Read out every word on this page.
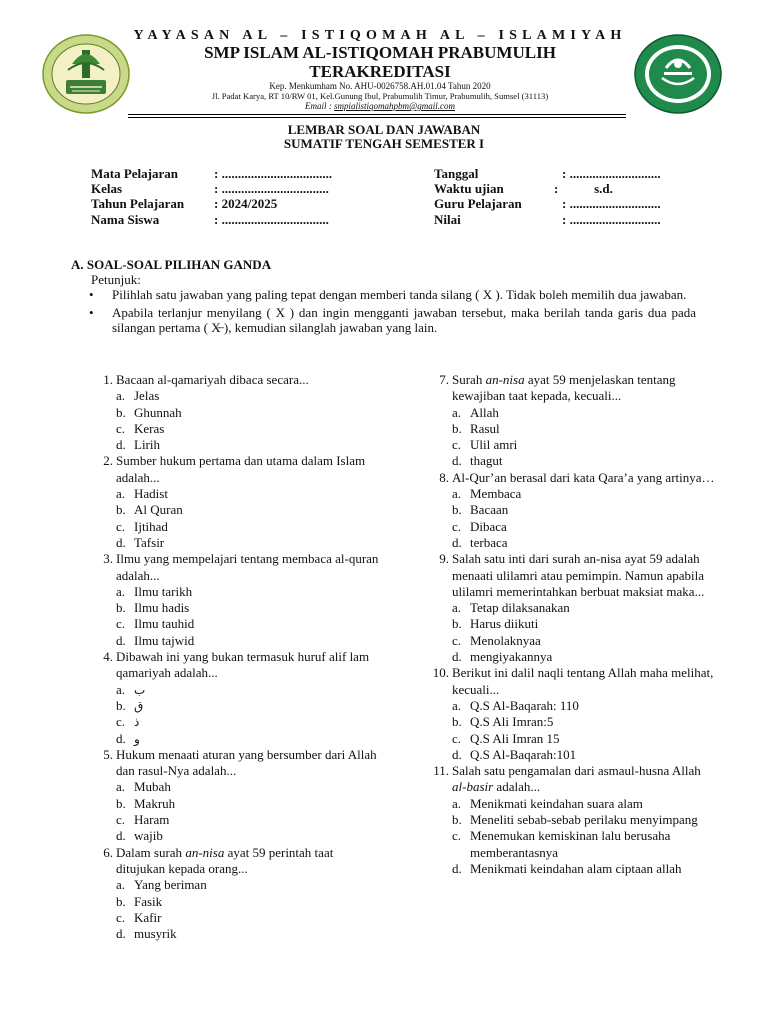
YAYASAN AL – ISTIQOMAH AL – ISLAMIYAH
SMP ISLAM AL-ISTIQOMAH PRABUMULIH
TERAKREDITASI
Kep. Menkumham No. AHU-0026758.AH.01.04 Tahun 2020
Jl. Padat Karya, RT 10/RW 01, Kel.Gunung Ibul, Prabumulih Timur, Prabumulih, Sumsel (31113)
Email : smpialistiqomahpbm@gmail.com
LEMBAR SOAL DAN JAWABAN
SUMATIF TENGAH SEMESTER I
Mata Pelajaran	: ..................................
Kelas	: .................................
Tahun Pelajaran : 2024/2025
Nama Siswa	: .................................
Tanggal	: ............................
Waktu ujian	:           s.d.
Guru Pelajaran	: ............................
Nilai	: ............................
A. SOAL-SOAL PILIHAN GANDA
Petunjuk:
• Pilihlah satu jawaban yang paling tepat dengan memberi tanda silang ( X ). Tidak boleh memilih dua jawaban.
• Apabila terlanjur menyilang ( X ) dan ingin mengganti jawaban tersebut, maka berilah tanda garis dua pada silangan pertama ( X̶ ), kemudian silanglah jawaban yang lain.
1. Bacaan al-qamariyah dibaca secara...
a. Jelas
b. Ghunnah
c. Keras
d. Lirih
2. Sumber hukum pertama dan utama dalam Islam adalah...
a. Hadist
b. Al Quran
c. Ijtihad
d. Tafsir
3. Ilmu yang mempelajari tentang membaca al-quran adalah...
a. Ilmu tarikh
b. Ilmu hadis
c. Ilmu tauhid
d. Ilmu tajwid
4. Dibawah ini yang bukan termasuk huruf alif lam qamariyah adalah...
a. ب
b. ق
c. ذ
d. و
5. Hukum menaati aturan yang bersumber dari Allah dan rasul-Nya adalah...
a. Mubah
b. Makruh
c. Haram
d. wajib
6. Dalam surah an-nisa ayat 59 perintah taat ditujukan kepada orang...
a. Yang beriman
b. Fasik
c. Kafir
d. musyrik
7. Surah an-nisa ayat 59 menjelaskan tentang kewajiban taat kepada, kecuali...
a. Allah
b. Rasul
c. Ulil amri
d. thagut
8. Al-Qur’an berasal dari kata Qara’a yang artinya…
a. Membaca
b. Bacaan
c. Dibaca
d. terbaca
9. Salah satu inti dari surah an-nisa ayat 59 adalah menaati ulilamri atau pemimpin. Namun apabila ulilamri memerintahkan berbuat maksiat maka...
a. Tetap dilaksanakan
b. Harus diikuti
c. Menolaknyaa
d. mengiyakannya
10. Berikut ini dalil naqli tentang Allah maha melihat, kecuali...
a. Q.S Al-Baqarah: 110
b. Q.S Ali Imran:5
c. Q.S Ali Imran 15
d. Q.S Al-Baqarah:101
11. Salah satu pengamalan dari asmaul-husna Allah al-basir adalah...
a. Menikmati keindahan suara alam
b. Meneliti sebab-sebab perilaku menyimpang
c. Menemukan kemiskinan lalu berusaha memberantasnya
d. Menikmati keindahan alam ciptaan allah
